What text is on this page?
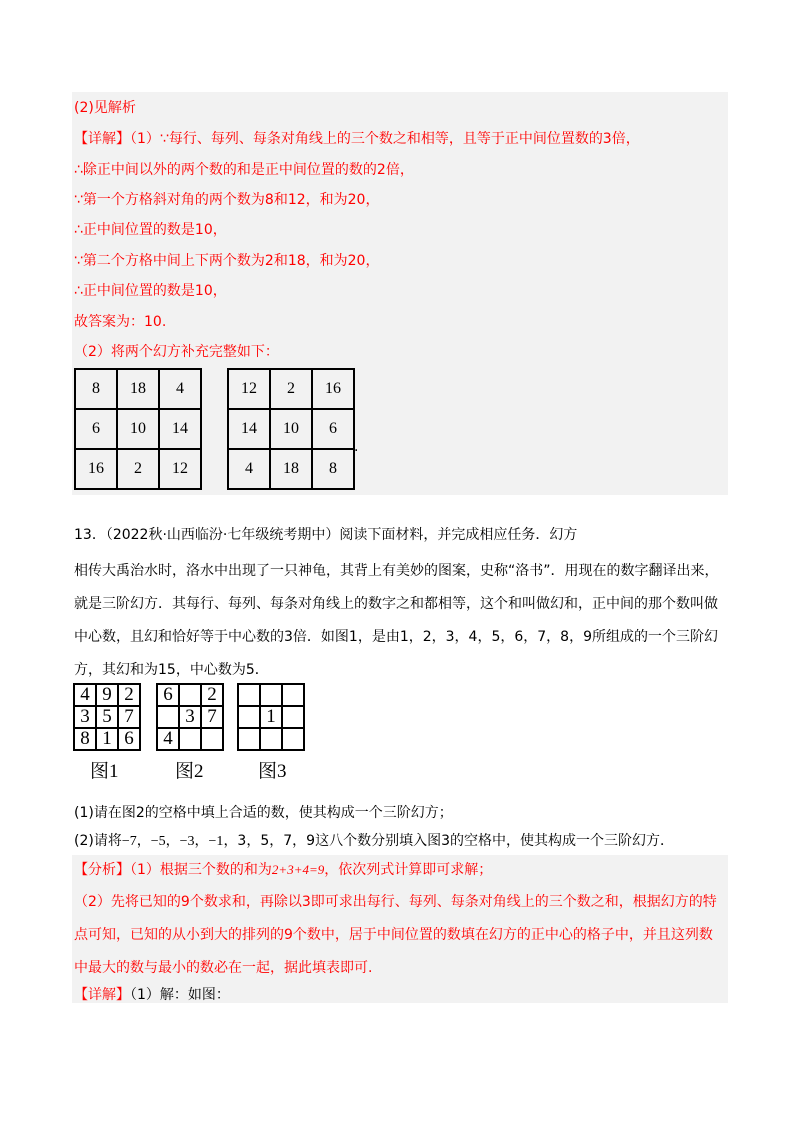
(2)见解析
【详解】（1）∵每行、每列、每条对角线上的三个数之和相等，且等于正中间位置数的3倍，
∴除正中间以外的两个数的和是正中间位置的数的2倍，
∵第一个方格斜对角的两个数为8和12，和为20，
∴正中间位置的数是10，
∵第二个方格中间上下两个数为2和18，和为20，
∴正中间位置的数是10，
故答案为：10.
（2）将两个幻方补充完整如下：
8	18	4
6	10	14
16	2	12
12	2	16
14	10	6
4	18	8
.
13．（2022秋·山西临汾·七年级统考期中）阅读下面材料，并完成相应任务．幻方
相传大禹治水时，洛水中出现了一只神龟，其背上有美妙的图案，史称“洛书”．用现在的数字翻译出来，
就是三阶幻方．其每行、每列、每条对角线上的数字之和都相等，这个和叫做幻和，正中间的那个数叫做
中心数，且幻和恰好等于中心数的3倍．如图1，是由1，2，3，4，5，6，7，8，9所组成的一个三阶幻
方，其幻和为15，中心数为5．
4	9	2
3	5	7
8	1	6
6		2
	3	7
4		

	1	

图1	图2	图3
(1)请在图2的空格中填上合适的数，使其构成一个三阶幻方；
(2)请将−7，−5，−3，−1，3，5，7，9这八个数分别填入图3的空格中，使其构成一个三阶幻方．
【分析】（1）根据三个数的和为2+3+4=9，依次列式计算即可求解；
（2）先将已知的9个数求和，再除以3即可求出每行、每列、每条对角线上的三个数之和，根据幻方的特
点可知，已知的从小到大的排列的9个数中，居于中间位置的数填在幻方的正中心的格子中，并且这列数
中最大的数与最小的数必在一起，据此填表即可.
【详解】（1）解：如图：
